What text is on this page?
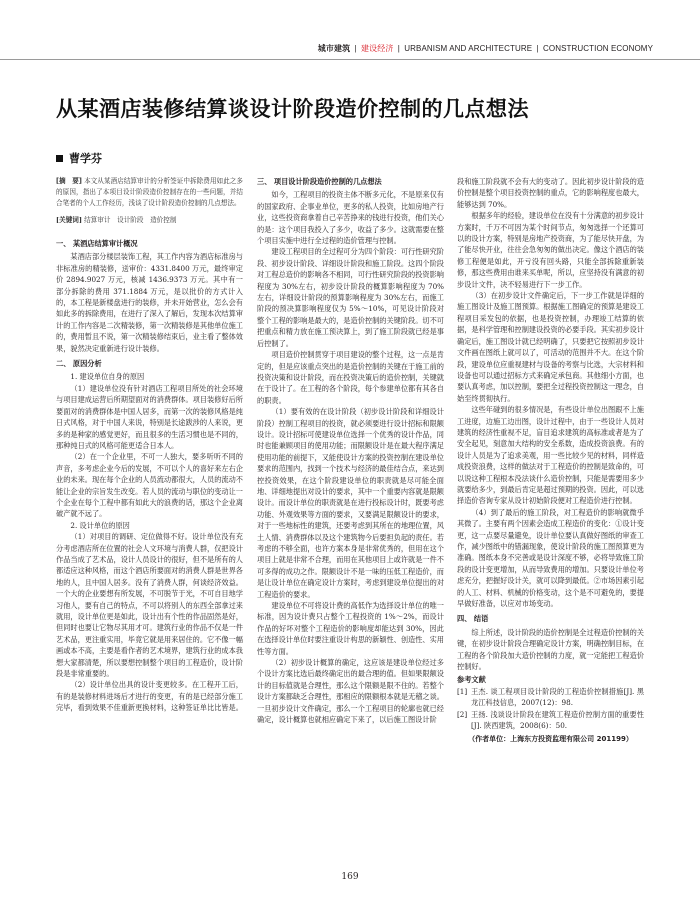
城市建筑 | 建设经济 | URBANISM AND ARCHITECTURE | CONSTRUCTION ECONOMY
从某酒店装修结算谈设计阶段造价控制的几点想法
曹学芬
[摘　要] 本文从某酒店结算审计的分析签证中拆除费用如此之多的原因，指出了本项目设计阶段造价控制存在的一些问题，并结合笔者的个人工作经历，浅谈了设计阶段造价控制的几点想法。
[关键词] 结算审计　设计阶段　造价控制
一、 某酒店结算审计概况

某酒店部分楼层装饰工程，其工作内容为酒店标准房与非标准房的精装修，送审价：4331.8400 万元，最终审定价 2894.9027 万元，核减 1436.9373 万元。其中有一部分拆除的费用 371.1884 万元，是以批价的方式计入的，本工程是新楼盘进行的装修，并未开始营业，怎么会有如此多的拆除费用，在进行了深入了解后，发现本次结算审计的工作内容是二次精装修，第一次精装修是其他单位施工的，费用暂且不说，第一次精装修结束后，业主看了整体效果，貌然决定重新进行设计装修。

二、 原因分析

1. 建设单位自身的原因

（1）建设单位没有针对酒店工程项目所处的社会环境与项目建成运营后所期望面对的消费群体。项目装修好后所要面对的消费群体是中国人居多，而第一次的装修风格是纯日式风格，对于中国人来说，特别是长途跋涉的人来说，更多的是种家的感觉更好，而且很多的生活习惯也是不同的，那种纯日式的风格可能更适合日本人。

（2）在一个企业里，不可一人独大，要多听听不同的声音，多考虑企业今后的发展，不可以个人的喜好来左右企业的未来。现在每个企业的人员流动都很大，人员的流动不能让企业的宗旨发生改变。若人员的流动与职位的变动让一个企业在每个工程中都有如此大的浪费的话，那这个企业离破产就不远了。

2. 设计单位的原因

（1）对项目的调研、定位做得不好。设计单位没有充分考虑酒店所在位置的社会人文环境与消费人群，仅把设计作品当成了艺术品，设计人员设计的很好，但不是所有的人都适应这种风格，而这个酒店所要面对的消费人群是世界各地的人，且中国人居多。没有了消费人群，何谈经济效益。一个大的企业要想有所发展，不可脱节于光，不可自目地学习他人，要有自己的特点，不可以将别人的东西全部拿过来就用，设计单位更是如此，设计出有个性的作品固然是好，但同时也要让它物尽其用才可。建筑行业的作品不仅是一件艺术品，更注重实用，毕竟它就是用来居住的。它不像一幅画或本不高，主要是看作者的艺术境界，建筑行业的成本我想大家都清楚，所以要想控制整个项目的工程造价，设计阶段是非常重要的。

（2）设计单位出具的设计变更较多。在工程开工后，有的是装修材料进场后才进行的变更，有的是已经部分施工完毕，看到效果不佳重新更换材料，这种签证单比比皆是。

三、 项目设计阶段造价控制的几点想法

如今，工程项目的投资主体不断多元化，不是原来仅有的国家政府、企事业单位，更多的私人投资，比如房地产行业，这些投资商拿着自己辛苦挣来的钱进行投资，他们关心的是：这个项目我投入了多少，收益了多少。这就需要在整个项目实施中进行全过程的造价管理与控制。

建设工程项目的全过程可分为四个阶段：可行性研究阶段、初步设计阶段、详细设计阶段和施工阶段。这四个阶段对工程总造价的影响各不相同，可行性研究阶段的投资影响程度为 30%左右，初步设计阶段的概算影响程度为 70%左右，详细设计阶段的预算影响程度为 30%左右，而施工阶段的预决算影响程度仅为 5%～10%，可见设计阶段对整个工程的影响是最大的，是造价控制的关键阶段。切不可把重点和精力放在施工预决算上，到了施工阶段就已经是事后控制了。

项目造价控制贯穿于项目建设的整个过程，这一点是肯定的，但是应该重点突出的是造价控制的关键在于施工前的投资决策和设计阶段，而在投资决策后的造价控制，关键就在于设计了。在工程的各个阶段，每个参建单位都有其各自的职责。

（1）要有效的在设计阶段（初步设计阶段和详细设计阶段）控制工程项目的投资，就必须要进行设计招标和限额设计。设计招标可使建设单位选择一个优秀的设计作品，同时也能兼顾项目的使用功能；而限额设计是在最大程序满足使用功能的前提下，又能使设计方案的投资控制在建设单位要求的范围内，找到一个技术与经济的最佳结合点，来达到控投资效果，在这个阶段建设单位的职责就是尽可能全面地、详细地提出对设计的要求，其中一个重要内容就是限额设计。而设计单位的职责就是在进行投标设计时，既要考虑功能、外观效果等方面的要求，又要满足限额设计的要求，对于一些地标性的建筑，还要考虑到其所在的地理位置，风土人情、消费群体以及这个建筑物今后要担负起的责任。若考虑的不够全面，也许方案本身是非常优秀的，但用在这个项目上就是非常不合理，而用在其他项目上或许就是一件不可多得的成功之作。限额设计不是一味的压低工程造价，而是让设计单位在确定设计方案时，考虑到建设单位提出的对工程造价的要求。

建设单位不可将设计费的高低作为选择设计单位的唯一标准，因为设计费只占整个工程投资的 1%～2%，而设计作品的好坏对整个工程造价的影响度却能达到 30%，因此在选择设计单位时要注重设计构思的新颖性、创造性、实用性等方面。

（2）初步设计概算的确定，这应该是建设单位经过多个设计方案比选后最终确定出的最合理的值。但如果限额设计的目标值就是合理性，那么这个限额是限不住的。若整个设计方案都缺乏合理性，那相应的限额根本就是无稽之谈。一旦初步设计文件确定，那么一个工程项目的轮廓也就已经确定，设计概算也就相应确定下来了，以后施工图设计阶

段和施工阶段就不会有大的变动了。因此初步设计阶段的造价控制是整个项目投资控制的重点，它的影响程度也最大，能够达到 70%。

根据多年的经验，建设单位在没有十分满意的初步设计方案时，千万不可因为某个时间节点，匆匆选择一个还算可以的设计方案，特别是房地产投资商，为了能尽快开盘，为了能尽快开业，往往会急匆匆的做出决定。像这个酒店的装修工程便是如此，开亏没有回头路，只能全部拆除重新装修，那这些费用由谁来买单呢，所以，应坚持没有满意的初步设计文件，决不轻易进行下一步工作。

（3）在初步设计文件确定后，下一步工作就是详细的施工图设计及施工图预算。根据施工图确定的预算是建设工程项目采发包的依据，也是投资控制，办理竣工结算的依据，是科学管理和控制建设投资的必要手段。其实初步设计确定后，施工图设计就已经明确了，只要把它按照初步设计文件画在图纸上就可以了，可活动的范围并不大。在这个阶段，建设单位应重视建材与设备的考察与比选，大宗材料和设备也可以通过招标方式来确定承包商。其他细小方面，也要认真考虑，加以控制，要把全过程投资控制这一理念，自始至终贯彻执行。

这些年碰到的很多情况是，有些设计单位出图跟不上施工进度，边施工边出图，设计过程中，由于一些设计人员对建筑的经济性重视不足，盲目追求建筑的高标准或者是为了安全起见，刻意加大结构的安全系数，造成投资浪费。有的设计人员是为了追求美观，用一些比较少见的材料，同样造成投资浪费，这样的做法对于工程造价的控制是致命的，可以说这种工程根本没法谈什么造价控制，只能是需要用多少就要给多少，到最后肯定是超过预期的投资。因此，可以选择造价咨询专家从设计初始阶段便对工程造价进行控制。

（4）到了最后的施工阶段，对工程造价的影响就微乎其微了。主要有两个因素会造成工程造价的变化：①设计变更，这一点要尽量避免，设计单位要认真做好图纸的审查工作，减少图纸中的错漏现象，使设计阶段的施工图预算更为准确。图纸本身不完善或是设计深度不够，必将导致施工阶段的设计变更增加，从而导致费用的增加。只要设计单位考虑充分，把握好设计关，就可以降到最低。②市场因素引起的人工、材料、机械的价格变动，这个是不可避免的，要提早做好准备，以应对市场变动。

四、 结语

综上所述，设计阶段的造价控制是全过程造价控制的关键，在初步设计阶段合理确定设计方案，明确控制目标，在工程的各个阶段加大造价控制的力度，就一定能把工程造价控制好。

参考文献

[1] 王杰. 谈工程项目设计阶段的工程造价控制措施[J]. 黑龙江科技信息，2007(12)：98.

[2] 王扬. 浅谈设计阶段在建筑工程造价控制方面的重要性[J]. 陕西建筑，2008(6)：50.

（作者单位：上海东方投资监理有限公司 201199）
169
